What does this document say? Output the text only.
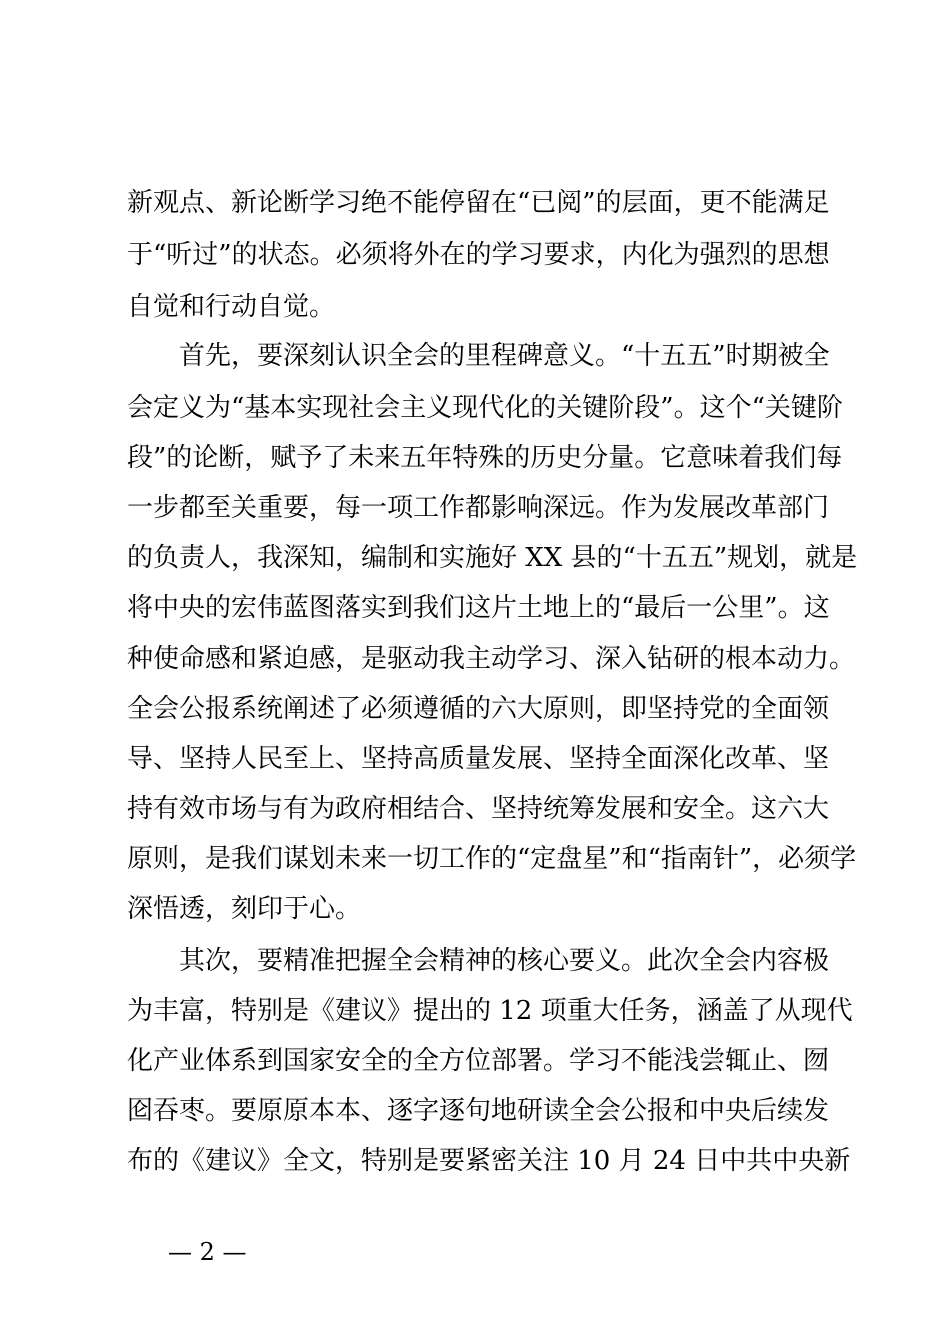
新观点、新论断学习绝不能停留在“已阅”的层面，更不能满足
于“听过”的状态。必须将外在的学习要求，内化为强烈的思想
自觉和行动自觉。
　　首先，要深刻认识全会的里程碑意义。“十五五”时期被全
会定义为“基本实现社会主义现代化的关键阶段”。这个“关键阶
段”的论断，赋予了未来五年特殊的历史分量。它意味着我们每
一步都至关重要，每一项工作都影响深远。作为发展改革部门
的负责人，我深知，编制和实施好 XX 县的“十五五”规划，就是
将中央的宏伟蓝图落实到我们这片土地上的“最后一公里”。这
种使命感和紧迫感，是驱动我主动学习、深入钻研的根本动力。
全会公报系统阐述了必须遵循的六大原则，即坚持党的全面领
导、坚持人民至上、坚持高质量发展、坚持全面深化改革、坚
持有效市场与有为政府相结合、坚持统筹发展和安全。这六大
原则，是我们谋划未来一切工作的“定盘星”和“指南针”，必须学
深悟透，刻印于心。
　　其次，要精准把握全会精神的核心要义。此次全会内容极
为丰富，特别是《建议》提出的 12 项重大任务，涵盖了从现代
化产业体系到国家安全的全方位部署。学习不能浅尝辄止、囫
囵吞枣。要原原本本、逐字逐句地研读全会公报和中央后续发
布的《建议》全文，特别是要紧密关注 10 月 24 日中共中央新
— 2 —
